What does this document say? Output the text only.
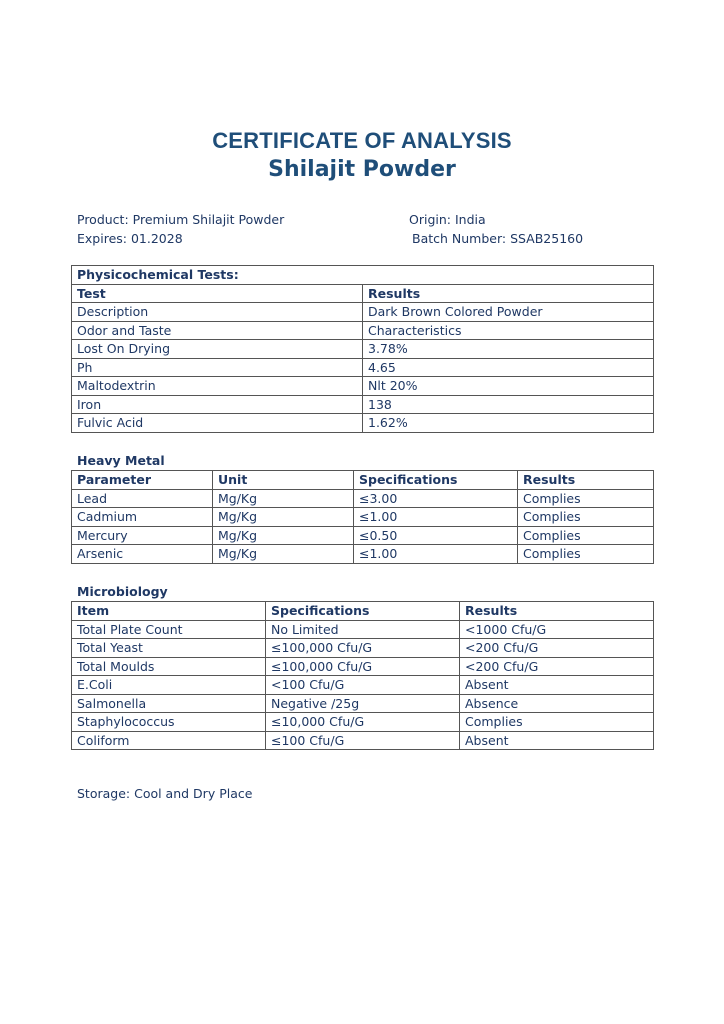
CERTIFICATE OF ANALYSIS
Shilajit Powder
Product: Premium Shilajit Powder	Origin: India
Expires: 01.2028	Batch Number: SSAB25160
Physicochemical Tests:	
Test	Results
Description	Dark Brown Colored Powder
Odor and Taste	Characteristics
Lost On Drying	3.78%
Ph	4.65
Maltodextrin	Nlt 20%
Iron	138
Fulvic Acid	1.62%
Heavy Metal
Parameter	Unit	Specifications	Results
Lead	Mg/Kg	≤3.00	Complies
Cadmium	Mg/Kg	≤1.00	Complies
Mercury	Mg/Kg	≤0.50	Complies
Arsenic	Mg/Kg	≤1.00	Complies
Microbiology
Item	Specifications	Results
Total Plate Count	No Limited	<1000 Cfu/G
Total Yeast	≤100,000 Cfu/G	<200 Cfu/G
Total Moulds	≤100,000 Cfu/G	<200 Cfu/G
E.Coli	<100 Cfu/G	Absent
Salmonella	Negative /25g	Absence
Staphylococcus	≤10,000 Cfu/G	Complies
Coliform	≤100 Cfu/G	Absent
Storage: Cool and Dry Place
